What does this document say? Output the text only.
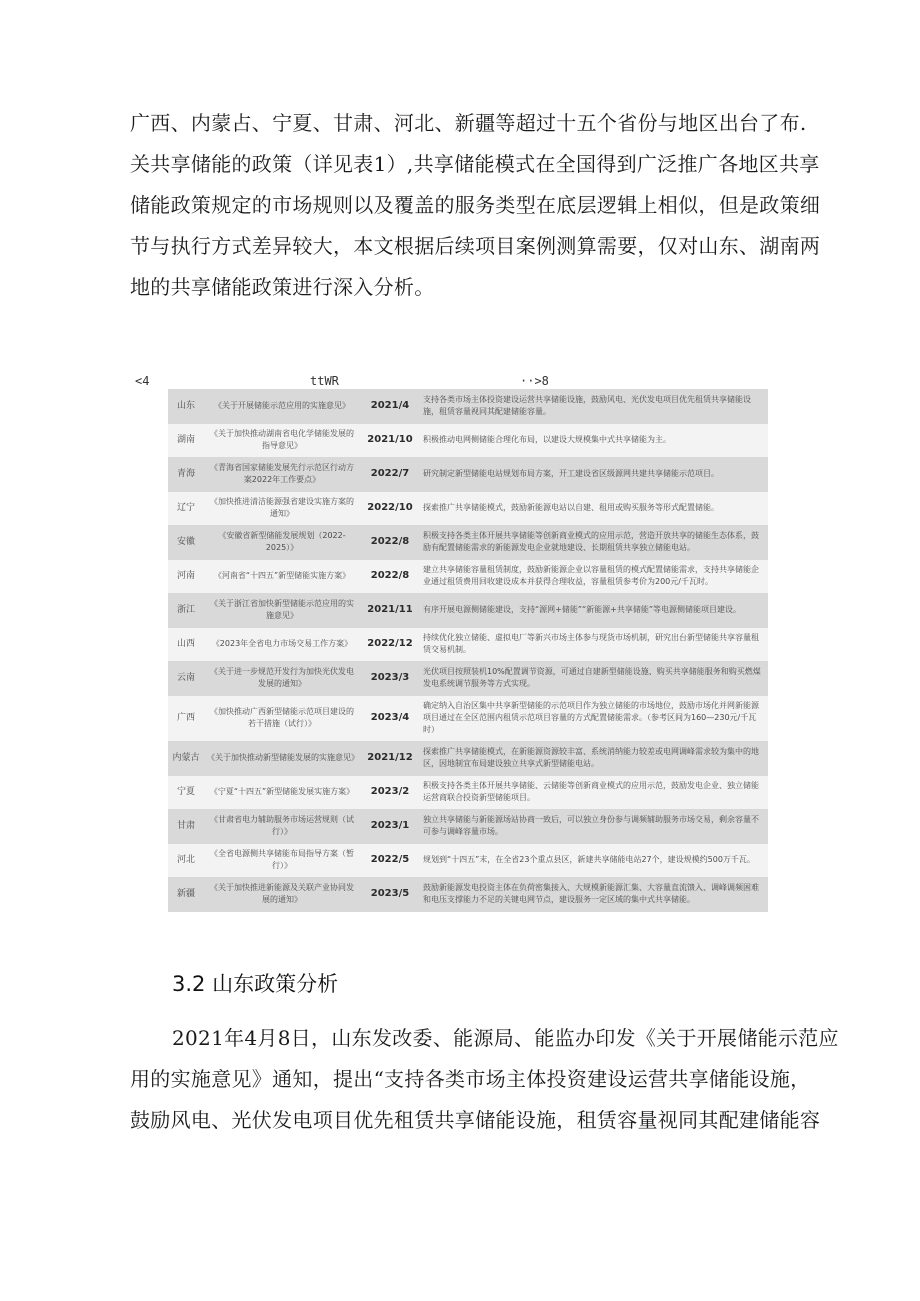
广西、内蒙占、宁夏、甘肃、河北、新疆等超过十五个省份与地区出台了布.
关共享储能的政策（详见表1）,共享储能模式在全国得到广泛推广各地区共享
储能政策规定的市场规则以及覆盖的服务类型在底层逻辑上相似，但是政策细
节与执行方式差异较大，本文根据后续项目案例测算需要，仅对山东、湖南两
地的共享储能政策进行深入分析。
<4	ttWR	··>8
山东	《关于开展储能示范应用的实施意见》	2021/4	支持各类市场主体投资建设运营共享储能设施，鼓励风电、光伏发电项目优先租赁共享储能设施，租赁容量视同其配建储能容量。
湖南	《关于加快推动湖南省电化学储能发展的指导意见》	2021/10	积极推动电网侧储能合理化布局，以建设大规模集中式共享储能为主。
青海	《青海省国家储能发展先行示范区行动方案2022年工作要点》	2022/7	研究制定新型储能电站规划布局方案，开工建设省区级源网共建共享储能示范项目。
辽宁	《加快推进清洁能源强省建设实施方案的通知》	2022/10	探索推广共享储能模式，鼓励新能源电站以自建、租用或购买服务等形式配置储能。
安徽	《安徽省新型储能发展规划（2022-2025）》	2022/8	积极支持各类主体开展共享储能等创新商业模式的应用示范，营造开放共享的储能生态体系，鼓励有配置储能需求的新能源发电企业就地建设、长期租赁共享独立储能电站。
河南	《河南省“十四五”新型储能实施方案》	2022/8	建立共享储能容量租赁制度，鼓励新能源企业以容量租赁的模式配置储能需求，支持共享储能企业通过租赁费用回收建设成本并获得合理收益，容量租赁参考价为200元/千瓦时。
浙江	《关于浙江省加快新型储能示范应用的实施意见》	2021/11	有序开展电源侧储能建设，支持“源网+储能”“新能源+共享储能”等电源侧储能项目建设。
山西	《2023年全省电力市场交易工作方案》	2022/12	持续优化独立储能、虚拟电厂等新兴市场主体参与现货市场机制，研究出台新型储能共享容量租赁交易机制。
云南	《关于进一步规范开发行为加快光伏发电发展的通知》	2023/3	光伏项目按照装机10%配置调节资源，可通过自建新型储能设施、购买共享储能服务和购买燃煤发电系统调节服务等方式实现。
广西	《加快推动广西新型储能示范项目建设的若干措施（试行）》	2023/4	确定纳入自治区集中共享新型储能的示范项目作为独立储能的市场地位，鼓励市场化并网新能源项目通过在全区范围内租赁示范项目容量的方式配置储能需求。（参考区间为160—230元/千瓦时）
内蒙古	《关于加快推动新型储能发展的实施意见》	2021/12	探索推广共享储能模式，在新能源资源较丰富、系统消纳能力较差或电网调峰需求较为集中的地区，因地制宜布局建设独立共享式新型储能电站。
宁夏	《宁夏“十四五”新型储能发展实施方案》	2023/2	积极支持各类主体开展共享储能、云储能等创新商业模式的应用示范，鼓励发电企业、独立储能运营商联合投资新型储能项目。
甘肃	《甘肃省电力辅助服务市场运营规则（试行）》	2023/1	独立共享储能与新能源场站协商一致后，可以独立身份参与调频辅助服务市场交易，剩余容量不可参与调峰容量市场。
河北	《全省电源侧共享储能布局指导方案（暂行）》	2022/5	规划到“十四五”末，在全省23个重点县区，新建共享储能电站27个，建设规模约500万千瓦。
新疆	《关于加快推进新能源及关联产业协同发展的通知》	2023/5	鼓励新能源发电投资主体在负荷密集接入、大规模新能源汇集、大容量直流馈入、调峰调频困难和电压支撑能力不足的关键电网节点，建设服务一定区域的集中式共享储能。
3.2 山东政策分析
2021年4月8日，山东发改委、能源局、能监办印发《关于开展储能示范应
用的实施意见》通知，提出“支持各类市场主体投资建设运营共享储能设施，
鼓励风电、光伏发电项目优先租赁共享储能设施，租赁容量视同其配建储能容
